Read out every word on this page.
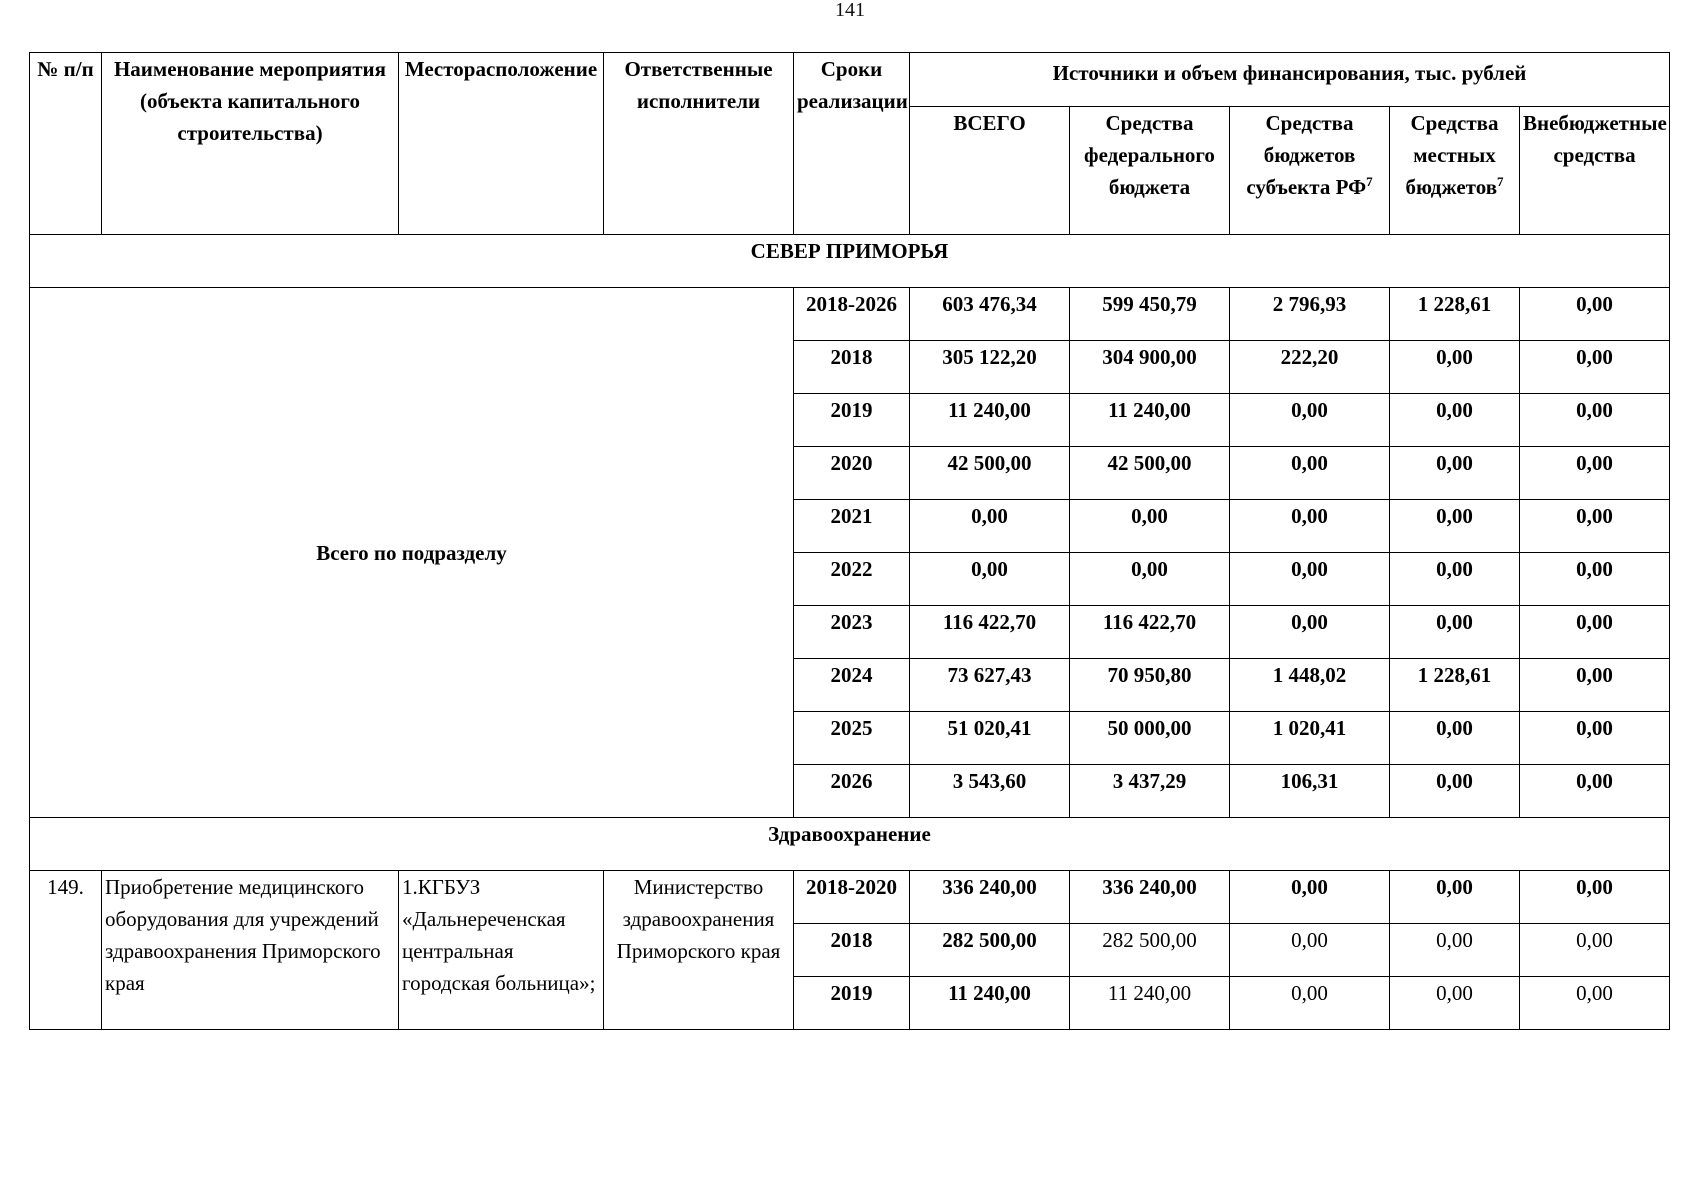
141
№ п/п	Наименование мероприятия (объекта капитального строительства)	Месторасположение	Ответственные исполнители	Сроки реализации	Источники и объем финансирования, тыс. рублей				
					ВСЕГО	Средства федерального бюджета	Средства бюджетов субъекта $РФ^7$	Средства местных бюджетов$^7$	Внебюджетные средства
СЕВЕР ПРИМОРЬЯ									
Всего по подразделу				2018-2026	603 476,34	599 450,79	2 796,93	1 228,61	0,00
				2018	305 122,20	304 900,00	222,20	0,00	0,00
				2019	11 240,00	11 240,00	0,00	0,00	0,00
				2020	42 500,00	42 500,00	0,00	0,00	0,00
				2021	0,00	0,00	0,00	0,00	0,00
				2022	0,00	0,00	0,00	0,00	0,00
				2023	116 422,70	116 422,70	0,00	0,00	0,00
				2024	73 627,43	70 950,80	1 448,02	1 228,61	0,00
				2025	51 020,41	50 000,00	1 020,41	0,00	0,00
				2026	3 543,60	3 437,29	106,31	0,00	0,00
Здравоохранение									
149.	Приобретение медицинского оборудования для учреждений здравоохранения Приморского края	1.КГБУЗ «Дальнереченская центральная городская больница»;	Министерство здравоохранения Приморского края	2018-2020	336 240,00	336 240,00	0,00	0,00	0,00
				2018	282 500,00	282 500,00	0,00	0,00	0,00
				2019	11 240,00	11 240,00	0,00	0,00	0,00
